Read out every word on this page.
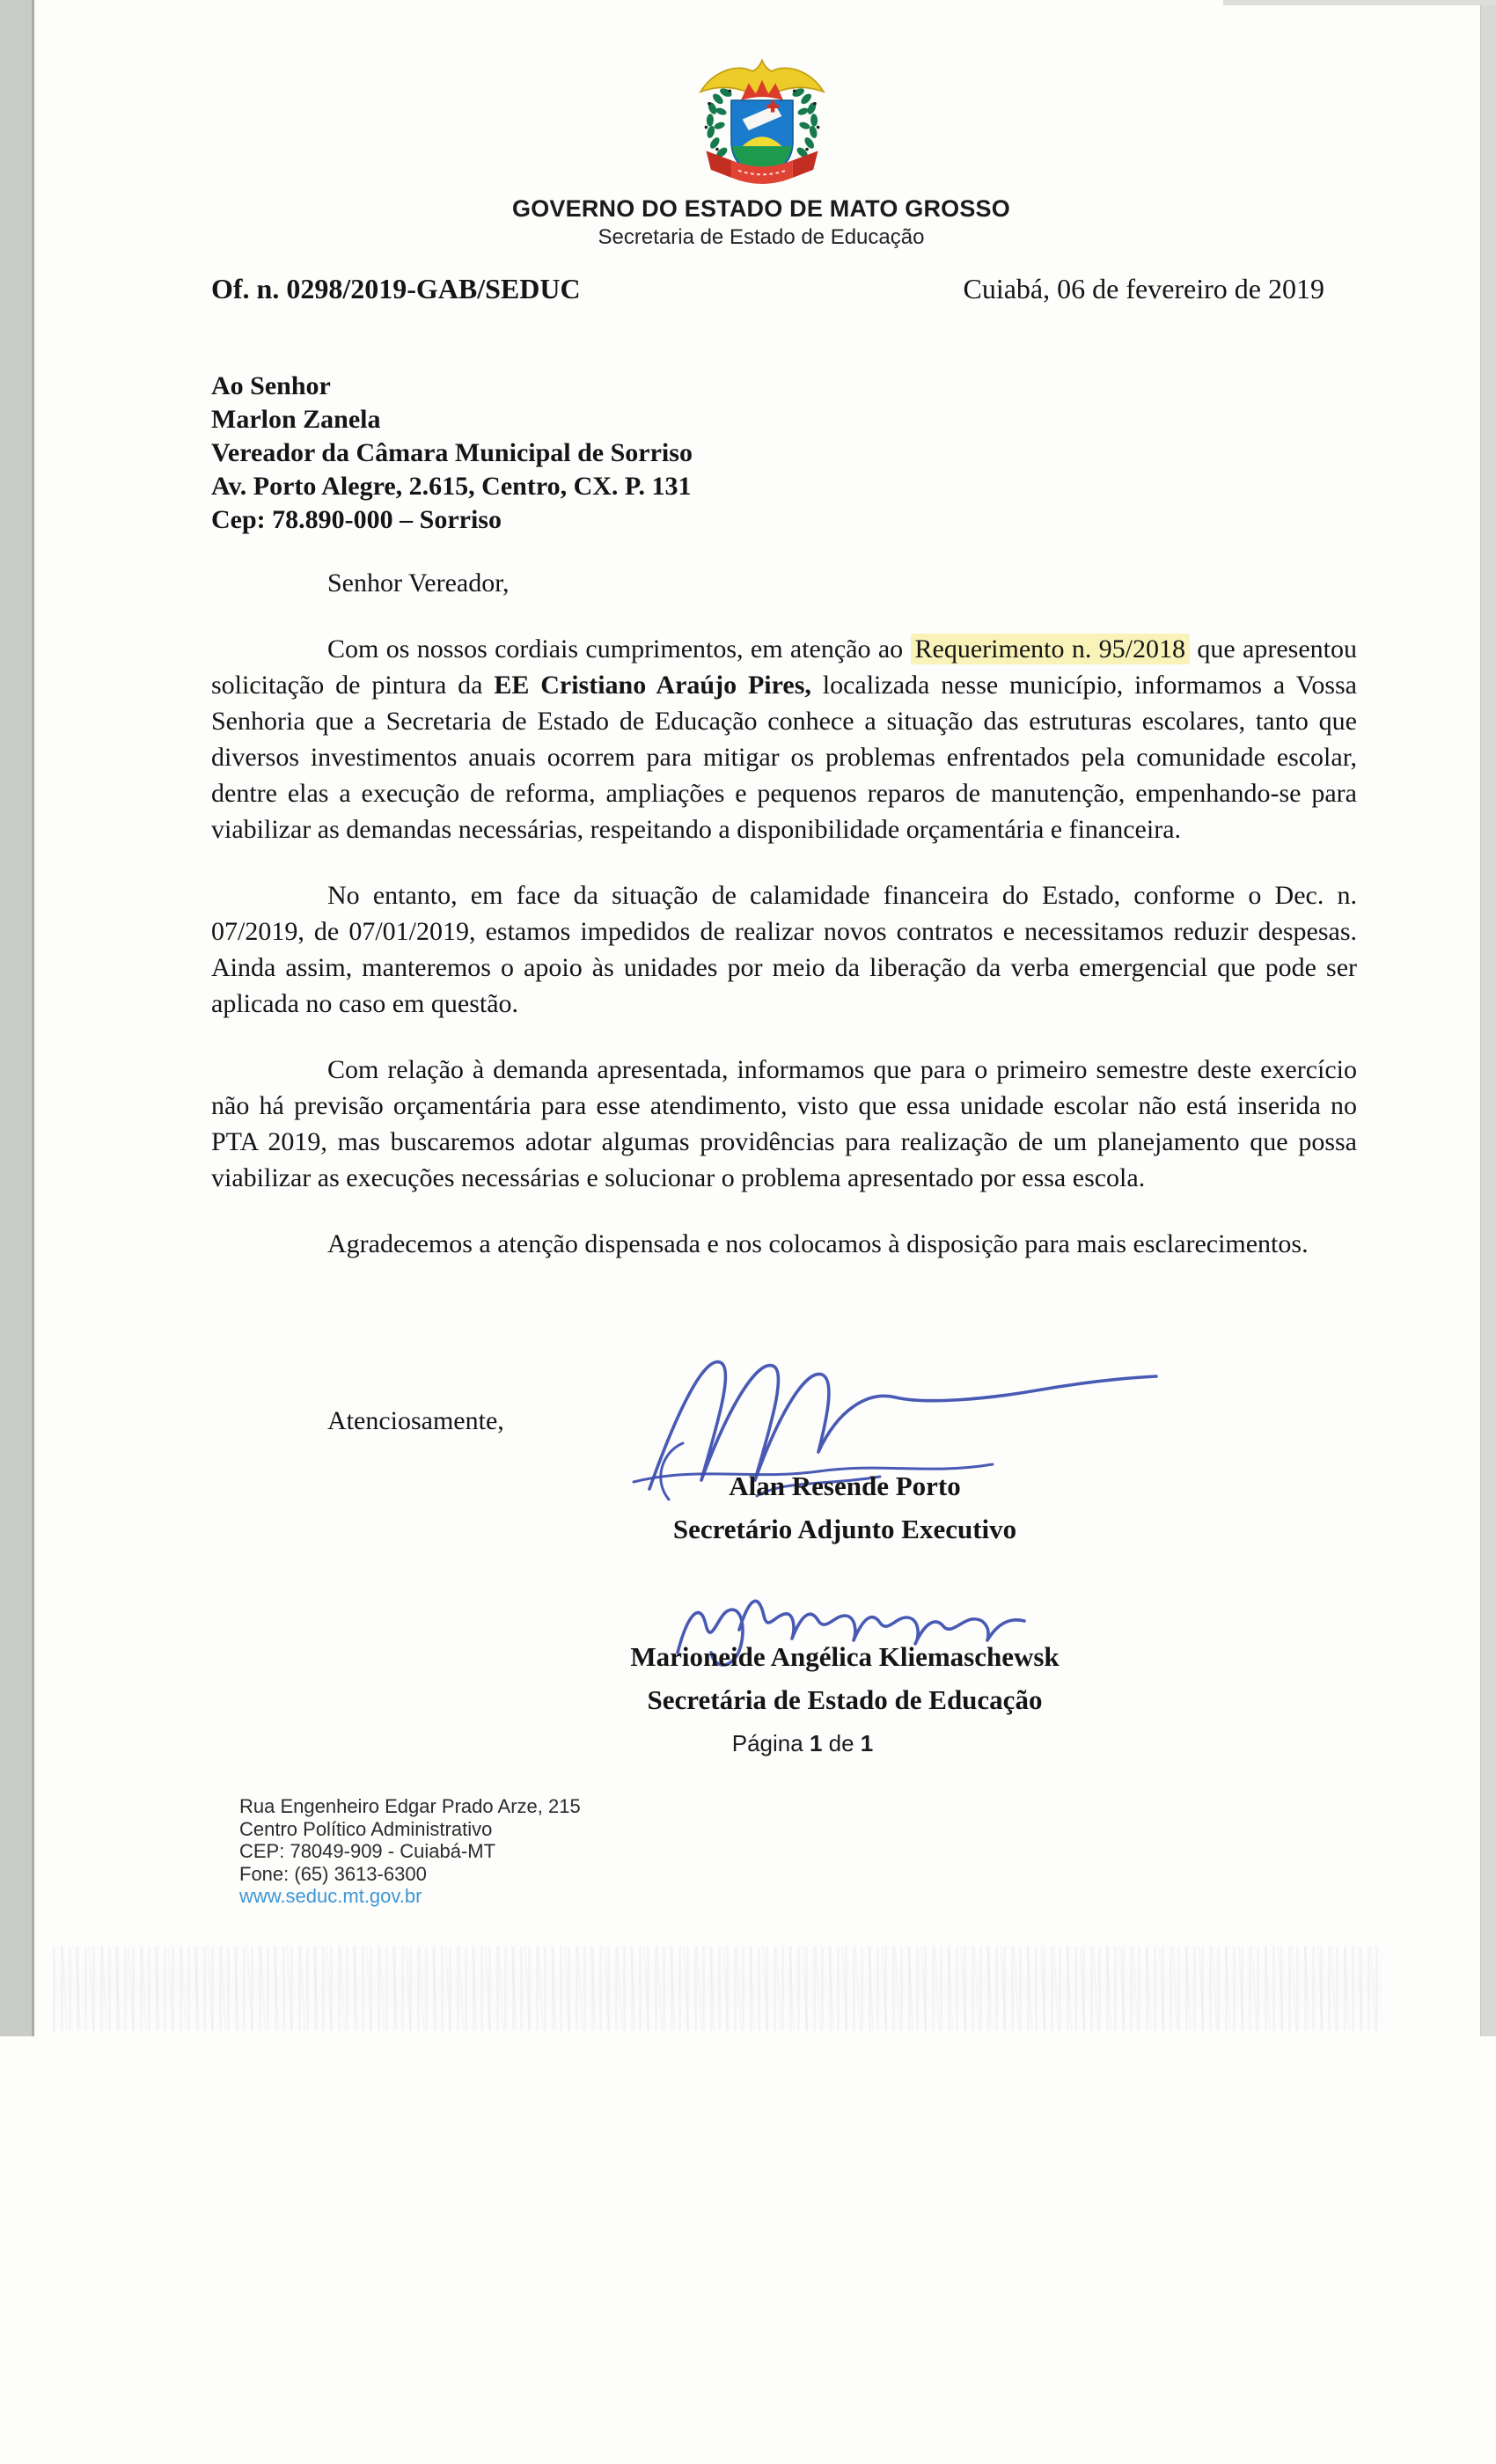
GOVERNO DO ESTADO DE MATO GROSSO
Secretaria de Estado de Educação
Of. n. 0298/2019-GAB/SEDUC	Cuiabá, 06 de fevereiro de 2019
Ao Senhor
Marlon Zanela
Vereador da Câmara Municipal de Sorriso
Av. Porto Alegre, 2.615, Centro, CX. P. 131
Cep: 78.890-000 – Sorriso

Senhor Vereador,

Com os nossos cordiais cumprimentos, em atenção ao Requerimento n. 95/2018 que apresentou solicitação de pintura da EE Cristiano Araújo Pires, localizada nesse município, informamos a Vossa Senhoria que a Secretaria de Estado de Educação conhece a situação das estruturas escolares, tanto que diversos investimentos anuais ocorrem para mitigar os problemas enfrentados pela comunidade escolar, dentre elas a execução de reforma, ampliações e pequenos reparos de manutenção, empenhando-se para viabilizar as demandas necessárias, respeitando a disponibilidade orçamentária e financeira.

No entanto, em face da situação de calamidade financeira do Estado, conforme o Dec. n. 07/2019, de 07/01/2019, estamos impedidos de realizar novos contratos e necessitamos reduzir despesas. Ainda assim, manteremos o apoio às unidades por meio da liberação da verba emergencial que pode ser aplicada no caso em questão.

Com relação à demanda apresentada, informamos que para o primeiro semestre deste exercício não há previsão orçamentária para esse atendimento, visto que essa unidade escolar não está inserida no PTA 2019, mas buscaremos adotar algumas providências para realização de um planejamento que possa viabilizar as execuções necessárias e solucionar o problema apresentado por essa escola.

Agradecemos a atenção dispensada e nos colocamos à disposição para mais esclarecimentos.

Atenciosamente,
Alan Resende Porto
Secretário Adjunto Executivo
Marioneide Angélica Kliemaschewsk
Secretária de Estado de Educação
Página 1 de 1
Rua Engenheiro Edgar Prado Arze, 215
Centro Político Administrativo
CEP: 78049-909 - Cuiabá-MT
Fone: (65) 3613-6300
www.seduc.mt.gov.br
